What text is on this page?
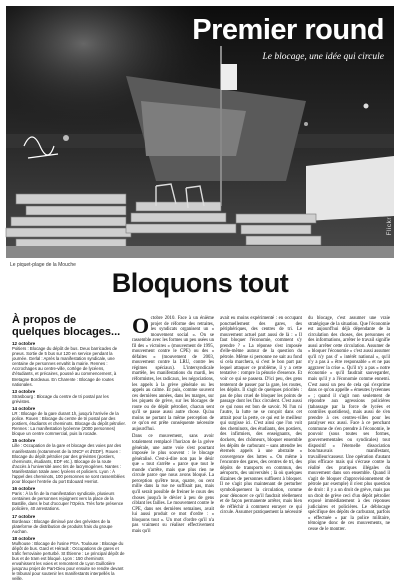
Premier round
Le blocage, une idée qui circule
Flickr
Le piquet-plage de la Mouche
Bloquons tout
À propos de quelques blocages...
12 octobre
Poitiers : Blocage du dépôt de bus. Deux barricades de pneus. Sortie de 5 bus sur 120 en service pendant la journée. Gerlal : Après la manifestation syndicale, une centaine de personnes envahit la mairie. Rennes : Accrochages au centre-ville, cortège de lycéens, d'étudiants, et précaires, poussé au commencement, à Bretagne Bordeaux. En Charente : Blocage de routes nationales.
13 octobre
Strasbourg : Blocage du centre de tri postal par les grévistes.
14 octobre
LR : Blocage de la gare durant 1h, jusqu'à l'arrivée de la police. Rouen : Blocage du centre de tri postal par des postiers, étudiants et cheminots. Blocage du dépôt pétrolier. Rennes : La manifestation lycéenne (2000 personnes) bloque un centre commercial, puis la rocade.
15 octobre
Lille : Occupation de la gare et blocage des voies par des manifestants (notamment de la SNCF et d'EDF). Rouen : Blocage du dépôt pétrolier par des grévistes (postiers, cheminots, étudiants, EDF etc.). Blocage de la route d'accès à l'université avec tirs de lacrymogènes. Nantes : Manifestation totale avec lycéens et policiers. Lyon : À l'appel des cheminots, 100 personnes se sont rassemblées pour bloquer l'entrée du port Edouard Herriot.
16 octobre
Paris : À la fin de la manifestation syndicale, plusieurs centaines de personnes rejoignent vers la place de la Bastille, dans le but d'occuper l'Opéra. Très forte présence policière, 40 arrestations.
17 octobre
Bordeaux : Blocage diminué par des grévistes de la plateforme de distribution de produits frais du groupe Auchan.
18 octobre
Mulhouse : Blocage de l'usine PSA. Toulouse : Blocage du dépôt de bus. Gard et Hérault : Occupations de gares et trafic ferroviaire perturbé. St Étienne : Le principal dépôt de bus et de tram est bloqué. Lyon : 150 cheminots envahissent les voies et remontent de Lyon Guillotière jusqu'au projet de Part-Dieu pour ensuite se rendre devant le tribunal pour soutenir les manifestants interpellés la veille.
Octobre 2010. Face à un énième projet de réforme des retraites, les syndicats organisent un « mouvement social ». On se rassemble avec les formes un peu usées un fil des « victoires » (mouvement de 1995, mouvement contre le CPE) ou des « défaites » (mouvement de 2003, mouvement contre la LRU, contre les régimes spéciaux). L'intersyndicale martèle, les manifestations du mardi, les réformistes, les radicaux, les négociations, les appels à la grève générale ou les appels au calme. Et puis, comme souvent ces dernières années, dans les marges, sur les piquets de grève, sur les blocages de route ou de dépôt pétrolier, chacun sent qu'il se passe aussi autre chose. Qu'au moins ne portant la même perception de ce qu'on est prête conséquente nécessite aujourd'hui.

Dans ce mouvement, sans avoir totalement remplacé l'horizon de la grève générale, une autre voie s'est pourtant imposée le plus souvent : le blocage généralisé. C'est-à-dire non pas le désir que « tout s'arrête » parce que tout le monde s'arrête, mais que plus rien ne circule parce que nous avons bloqué. La perception qu'être tous, quatre, ou cent mille dans la rue ne suffisait pas, mais qu'il serait possible de freiner le cours des choses jusqu'à le dévier à peu de gens ciblant les failles. Le mouvement contre le CPE, dans ses dernières semaines, avait lui aussi produit ce mot d'ordre : « bloquons tout ». Un mot d'ordre qu'il n'a pas vraiment su réaliser effectivement mais qu'il

avait eu moins expérimenté : en occupant ponctuellement des gares, des périphériques, des centres de tri. Le mouvement actuel part aussi de là : « Il faut bloquer l'économie, comment s'y prendre ? » La réponse s'est imposée d'elle-même autour de la question du pétrole. Même si personne ne sait au fond si cela marchera, si c'est le bon part par lequel attaquer ce problème, il y a cette tentative : rompre la pénurie d'essence. Et voir ce qui se passera. D'ici peu, des gens tenteront de passer par la gare, les routes, les dépôts. Il s'agit de quelques priorités : pas de plus cruel de bloquer les points de passage dont les flux circulent. C'est aussi ce qui nous est bon de savoir. Ni l'un ni l'autre, la lutte ne se conçoit dans cet attrait pour la perte, ce qui est le meilleur qui surgisse ici. C'est ainsi que l'on voit des cheminots, des étudiants, des postiers, des infirmiers, des enseignants, des dockers, des chômeurs, bloquer ensemble les dépôts de carburant – sans attendre les éternels appels à une abstraite « convergence des luttes ». On même à l'encontre des gares, des centres de tri, des dépôts de transports en commun, des aéroports, des universités ; là où quelques dizaines de personnes suffisent à bloquer. Il ne s'agit plus maintenant de perturber symboliquement la circulation, comme pour dénoncer ce qu'il faudrait réellement et de façon permanente arrêter, mais bien de réfléchir à comment enrayer ce qui circule. Assumer pratiquement la nécessité
du blocage, c'est assumer une vraie stratégique de la situation. Que l'économie est aujourd'hui déjà dépendante de la circulation des choses, des personnes et des informations, arrêter le travail signifie aussi arrêter cette circulation. Assumer de « bloquer l'économie » c'est aussi assumer qu'il n'y pas d' « intérêt national », qu'il n'y a pas à « être responsable » et ne pas aggraver la crise ». Qu'il n'y a pas « notre économie » qu'il faudrait sauvegarder, mais qu'il y a l'économie comme ennemi. C'est aussi un peu de cela qui s'exprime dans ce qu'on appelle « émeutes lycéennes » ; quand il s'agit non seulement de répondre aux agressions policières (tabassage par la force de lycées et contrôles quotidiens), mais aussi de s'en prendre à ces centres-villes pour les paralyser eux aussi. Face à ce penchant commune de s'en prendre à l'économie, le pouvoir (sous toutes ses formes, gouvernementales ou syndicales) tout dispositif « l'éternelle dissociation bon/mauvais manifestant, travailleur/casseur. Une opération d'autant plus efficace mais qui s'écrase contre la réalité des pratiques illégales du mouvement dans son ensemble. Quand il s'agit de bloquer d'approvisionnement de pétrole par exemple) il n'est plus question de droit : il y a un droit de grève, mais pas un droit de grève ceci d'un dépôt pétrolier exposé immédiatement à des réponses judiciaires et policières. Le déblocage spécifique des dépôts de carburant, parfois « effectuée » par la police militaire, témoigne donc de ces mouvements, ne cesse de le montrer.
